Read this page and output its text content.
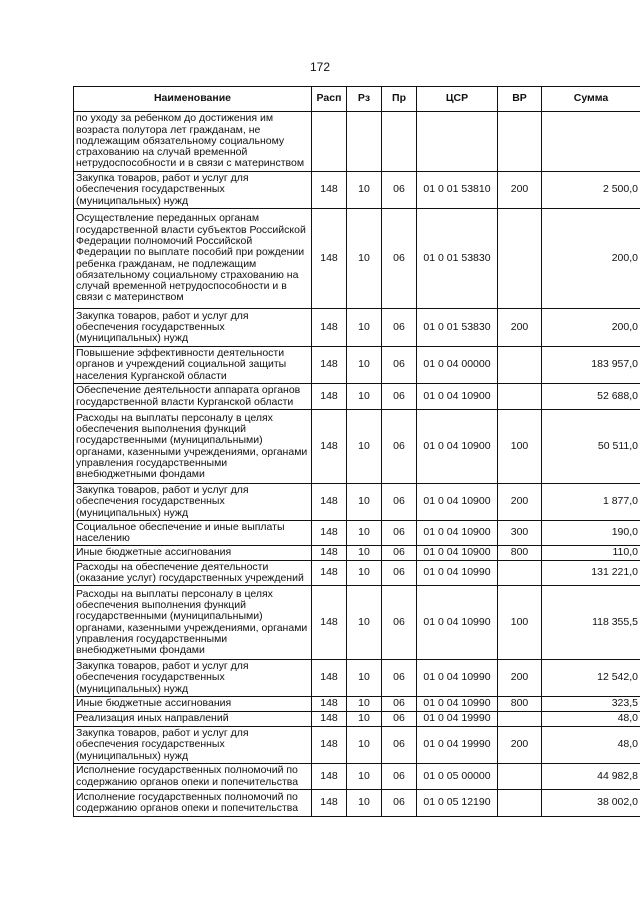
172
Наименование	Расп	Рз	Пр	ЦСР	ВР	Сумма
по уходу за ребенком до достижения им возраста полутора лет гражданам, не подлежащим обязательному социальному страхованию на случай временной нетрудоспособности и в связи с материнством						
Закупка товаров, работ и услуг для обеспечения государственных (муниципальных) нужд	148	10	06	01 0 01 53810	200	2 500,0
Осуществление переданных органам государственной власти субъектов Российской Федерации полномочий Российской Федерации по выплате пособий при рождении ребенка гражданам, не подлежащим обязательному социальному страхованию на случай временной нетрудоспособности и в связи с материнством	148	10	06	01 0 01 53830		200,0
Закупка товаров, работ и услуг для обеспечения государственных (муниципальных) нужд	148	10	06	01 0 01 53830	200	200,0
Повышение эффективности деятельности органов и учреждений социальной защиты населения Курганской области	148	10	06	01 0 04 00000		183 957,0
Обеспечение деятельности аппарата органов государственной власти Курганской области	148	10	06	01 0 04 10900		52 688,0
Расходы на выплаты персоналу в целях обеспечения выполнения функций государственными (муниципальными) органами, казенными учреждениями, органами управления государственными внебюджетными фондами	148	10	06	01 0 04 10900	100	50 511,0
Закупка товаров, работ и услуг для обеспечения государственных (муниципальных) нужд	148	10	06	01 0 04 10900	200	1 877,0
Социальное обеспечение и иные выплаты населению	148	10	06	01 0 04 10900	300	190,0
Иные бюджетные ассигнования	148	10	06	01 0 04 10900	800	110,0
Расходы на обеспечение деятельности (оказание услуг) государственных учреждений	148	10	06	01 0 04 10990		131 221,0
Расходы на выплаты персоналу в целях обеспечения выполнения функций государственными (муниципальными) органами, казенными учреждениями, органами управления государственными внебюджетными фондами	148	10	06	01 0 04 10990	100	118 355,5
Закупка товаров, работ и услуг для обеспечения государственных (муниципальных) нужд	148	10	06	01 0 04 10990	200	12 542,0
Иные бюджетные ассигнования	148	10	06	01 0 04 10990	800	323,5
Реализация иных направлений	148	10	06	01 0 04 19990		48,0
Закупка товаров, работ и услуг для обеспечения государственных (муниципальных) нужд	148	10	06	01 0 04 19990	200	48,0
Исполнение государственных полномочий по содержанию органов опеки и попечительства	148	10	06	01 0 05 00000		44 982,8
Исполнение государственных полномочий по содержанию органов опеки и попечительства	148	10	06	01 0 05 12190		38 002,0
